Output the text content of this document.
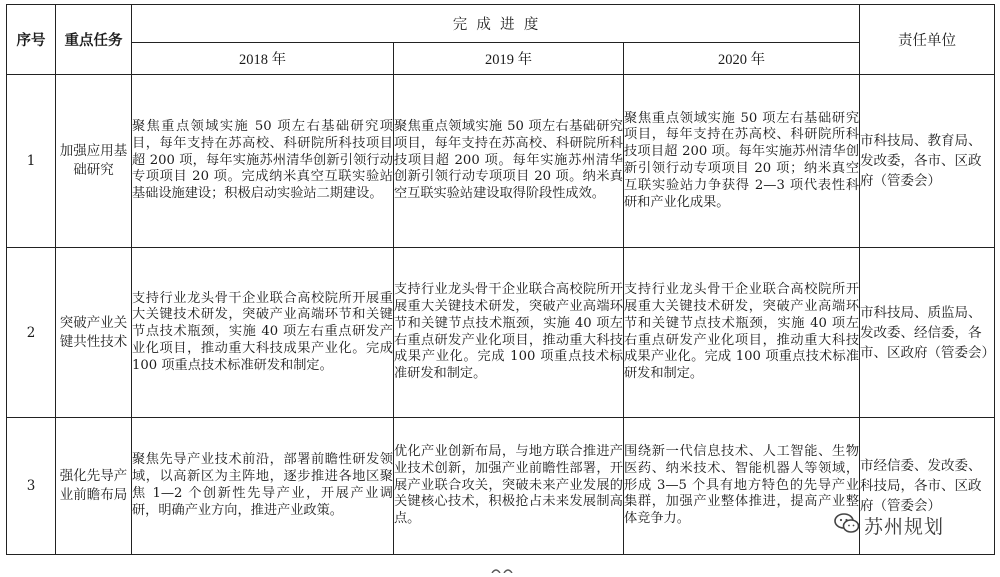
序号	重点任务	完  成  进  度			责任单位
		2018 年	2019 年	2020 年	
1	加强应用基础研究	聚焦重点领域实施 50 项左右基础研究项目，每年支持在苏高校、科研院所科技项目超 200 项，每年实施苏州清华创新引领行动专项项目 20 项。完成纳米真空互联实验站基础设施建设；积极启动实验站二期建设。	聚焦重点领域实施 50 项左右基础研究项目，每年支持在苏高校、科研院所科技项目超 200 项。每年实施苏州清华创新引领行动专项项目 20 项。纳米真空互联实验站建设取得阶段性成效。	聚焦重点领域实施 50 项左右基础研究项目，每年支持在苏高校、科研院所科技项目超 200 项。每年实施苏州清华创新引领行动专项项目 20 项；纳米真空互联实验站力争获得 2—3 项代表性科研和产业化成果。	市科技局、教育局、发改委，各市、区政府（管委会）
2	突破产业关键共性技术	支持行业龙头骨干企业联合高校院所开展重大关键技术研发，突破产业高端环节和关键节点技术瓶颈，实施 40 项左右重点研发产业化项目，推动重大科技成果产业化。完成 100 项重点技术标准研发和制定。	支持行业龙头骨干企业联合高校院所开展重大关键技术研发，突破产业高端环节和关键节点技术瓶颈，实施 40 项左右重点研发产业化项目，推动重大科技成果产业化。完成 100 项重点技术标准研发和制定。	支持行业龙头骨干企业联合高校院所开展重大关键技术研发，突破产业高端环节和关键节点技术瓶颈，实施 40 项左右重点研发产业化项目，推动重大科技成果产业化。完成 100 项重点技术标准研发和制定。	市科技局、质监局、发改委、经信委，各市、区政府（管委会）
3	强化先导产业前瞻布局	聚焦先导产业技术前沿，部署前瞻性研发领域，以高新区为主阵地，逐步推进各地区聚焦 1—2 个创新性先导产业，开展产业调研，明确产业方向，推进产业政策。	优化产业创新布局，与地方联合推进产业技术创新，加强产业前瞻性部署，开展产业联合攻关，突破未来产业发展的关键核心技术，积极抢占未来发展制高点。	围绕新一代信息技术、人工智能、生物医药、纳米技术、智能机器人等领域，形成 3—5 个具有地方特色的先导产业集群，加强产业整体推进，提高产业整体竞争力。	市经信委、发改委、科技局，各市、区政府（管委会）
苏州规划
